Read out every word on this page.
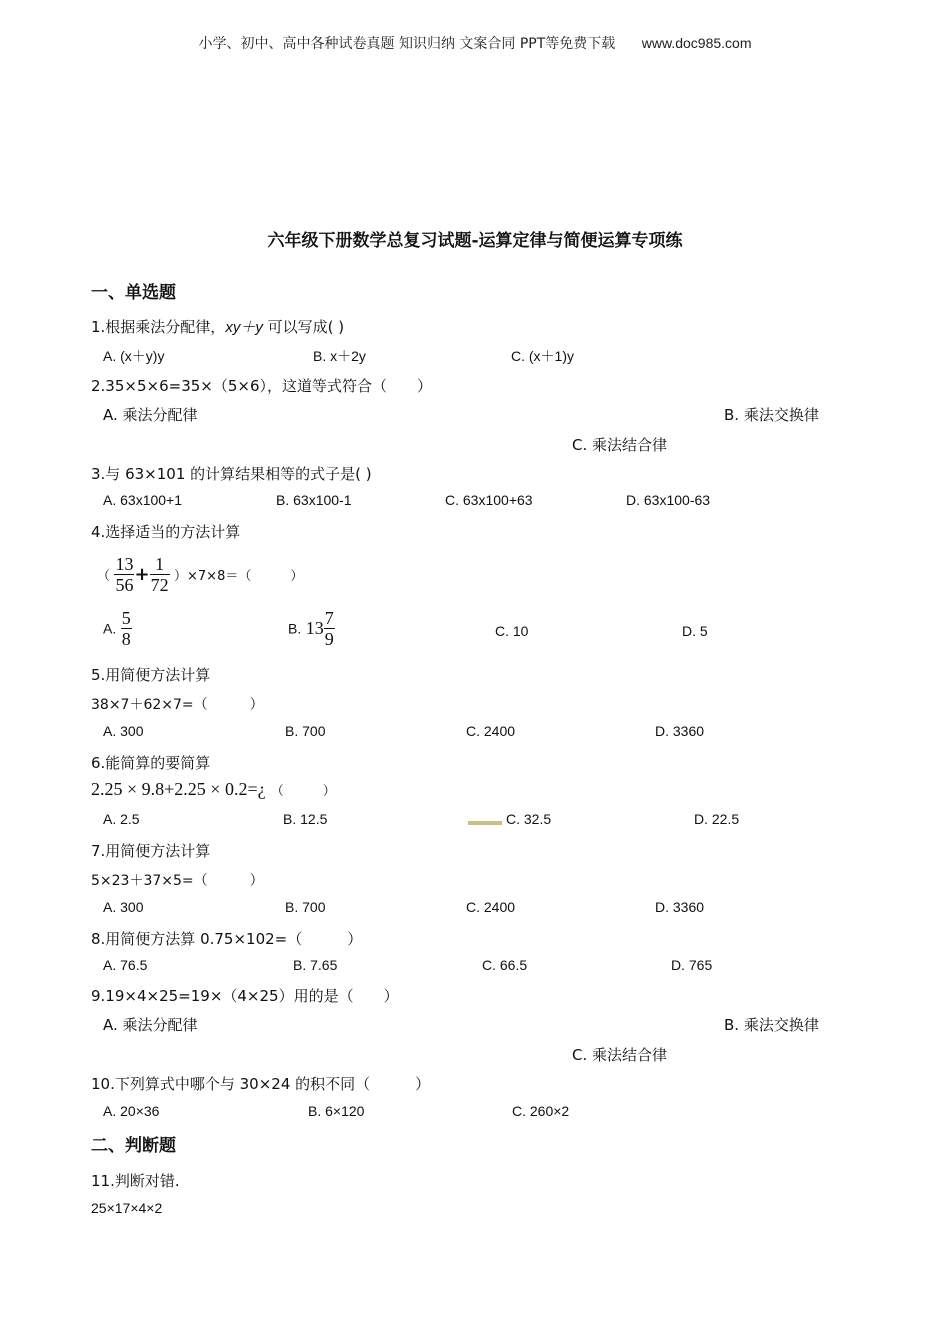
小学、初中、高中各种试卷真题 知识归纳 文案合同 PPT等免费下载 www.doc985.com
六年级下册数学总复习试题-运算定律与简便运算专项练
一、单选题
1.根据乘法分配律，xy＋y 可以写成( )
A. (x＋y)y	B. x＋2y	C. (x＋1)y
2.35×5×6=35×（5×6），这道等式符合（　　）
A. 乘法分配律	B. 乘法交换律
C. 乘法结合律
3.与 63×101 的计算结果相等的式子是( )
A. 63x100+1	B. 63x100-1	C. 63x100+63	D. 63x100-63
4.选择适当的方法计算
（ $\frac{13}{56} + \frac{1}{72} )\times 7\times 8=$（　　　）
A. $\frac{5}{8}$	B. $13 \frac{7}{9}$	C. 10	D. 5
5.用简便方法计算
38×7＋62×7=（　　　）
A. 300	B. 700	C. 2400	D. 3360
6.能简算的要简算
2.25 × 9.8+2.25 × 0.2=¿ （　　　）
A. 2.5	B. 12.5	C. 32.5	D. 22.5
7.用简便方法计算
5×23＋37×5=（　　　）
A. 300	B. 700	C. 2400	D. 3360
8.用简便方法算 0.75×102=（　　　）
A. 76.5	B. 7.65	C. 66.5	D. 765
9.19×4×25=19×（4×25）用的是（　　）
A. 乘法分配律	B. 乘法交换律
C. 乘法结合律
10.下列算式中哪个与 30×24 的积不同（　　　）
A. 20×36	B. 6×120	C. 260×2
二、判断题
11.判断对错.
25×17×4×2
